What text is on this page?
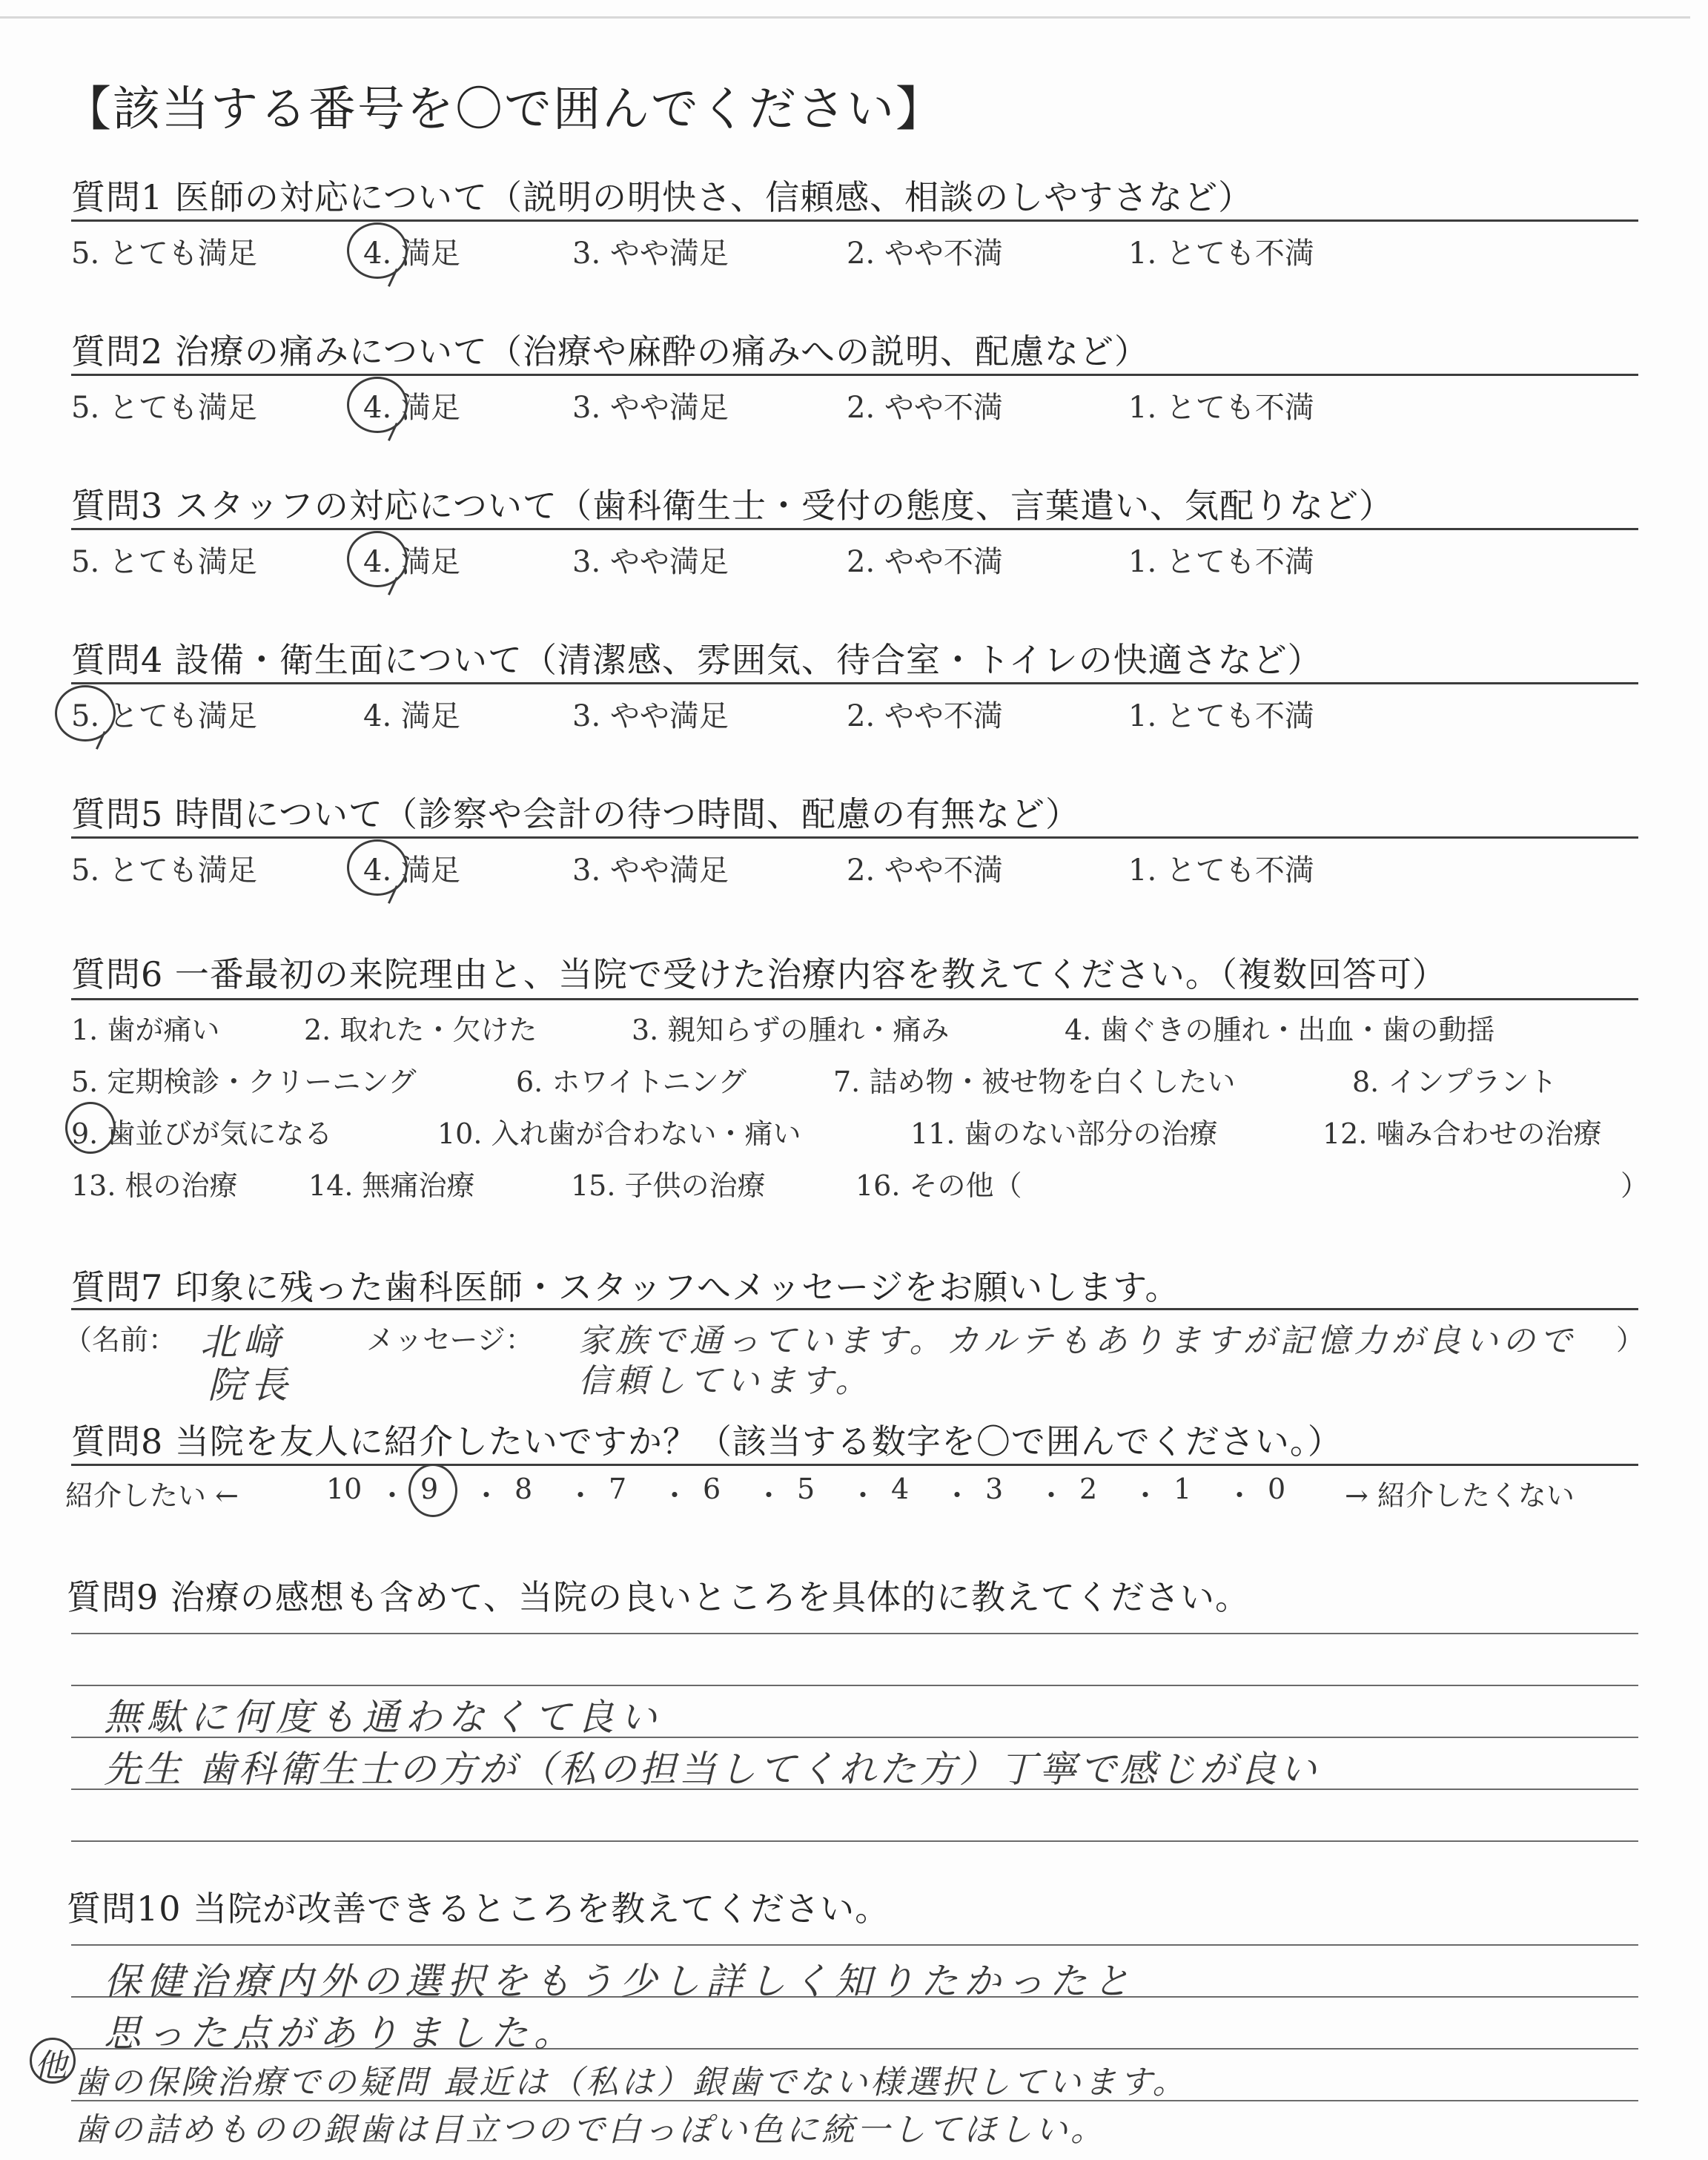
【該当する番号を〇で囲んでください】
質問1 医師の対応について（説明の明快さ、信頼感、相談のしやすさなど）
5. とても満足	4. 満足	3. やや満足	2. やや不満	1. とても不満
質問2 治療の痛みについて（治療や麻酔の痛みへの説明、配慮など）
5. とても満足	4. 満足	3. やや満足	2. やや不満	1. とても不満
質問3 スタッフの対応について（歯科衛生士・受付の態度、言葉遣い、気配りなど）
5. とても満足	4. 満足	3. やや満足	2. やや不満	1. とても不満
質問4 設備・衛生面について（清潔感、雰囲気、待合室・トイレの快適さなど）
5. とても満足	4. 満足	3. やや満足	2. やや不満	1. とても不満
質問5 時間について（診察や会計の待つ時間、配慮の有無など）
5. とても満足	4. 満足	3. やや満足	2. やや不満	1. とても不満
質問6 一番最初の来院理由と、当院で受けた治療内容を教えてください。（複数回答可）
1. 歯が痛い	2. 取れた・欠けた	3. 親知らずの腫れ・痛み	4. 歯ぐきの腫れ・出血・歯の動揺
5. 定期検診・クリーニング	6. ホワイトニング	7. 詰め物・被せ物を白くしたい	8. インプラント
9. 歯並びが気になる	10. 入れ歯が合わない・痛い	11. 歯のない部分の治療	12. 噛み合わせの治療
13. 根の治療	14. 無痛治療	15. 子供の治療	16. その他（	）
質問7 印象に残った歯科医師・スタッフへメッセージをお願いします。
（名前： 北﨑
院長
メッセージ： 家族で通っています。カルテもありますが記憶力が良いので
信頼しています。
）
質問8 当院を友人に紹介したいですか？（該当する数字を〇で囲んでください。）
紹介したい ←	10 ・ 9 ・ 8 ・ 7 ・ 6 ・ 5 ・ 4 ・ 3 ・ 2 ・ 1 ・ 0 → 紹介したくない
質問9 治療の感想も含めて、当院の良いところを具体的に教えてください。
無駄に何度も通わなくて良い
先生 歯科衛生士の方が（私の担当してくれた方）丁寧で感じが良い
質問10 当院が改善できるところを教えてください。
保健治療内外の選択をもう少し詳しく知りたかったと
思った点がありました。
歯の保険治療での疑問 最近は（私は）銀歯でない様選択しています。
歯の詰めものの銀歯は目立つので白っぽい色に統一してほしい。
他
